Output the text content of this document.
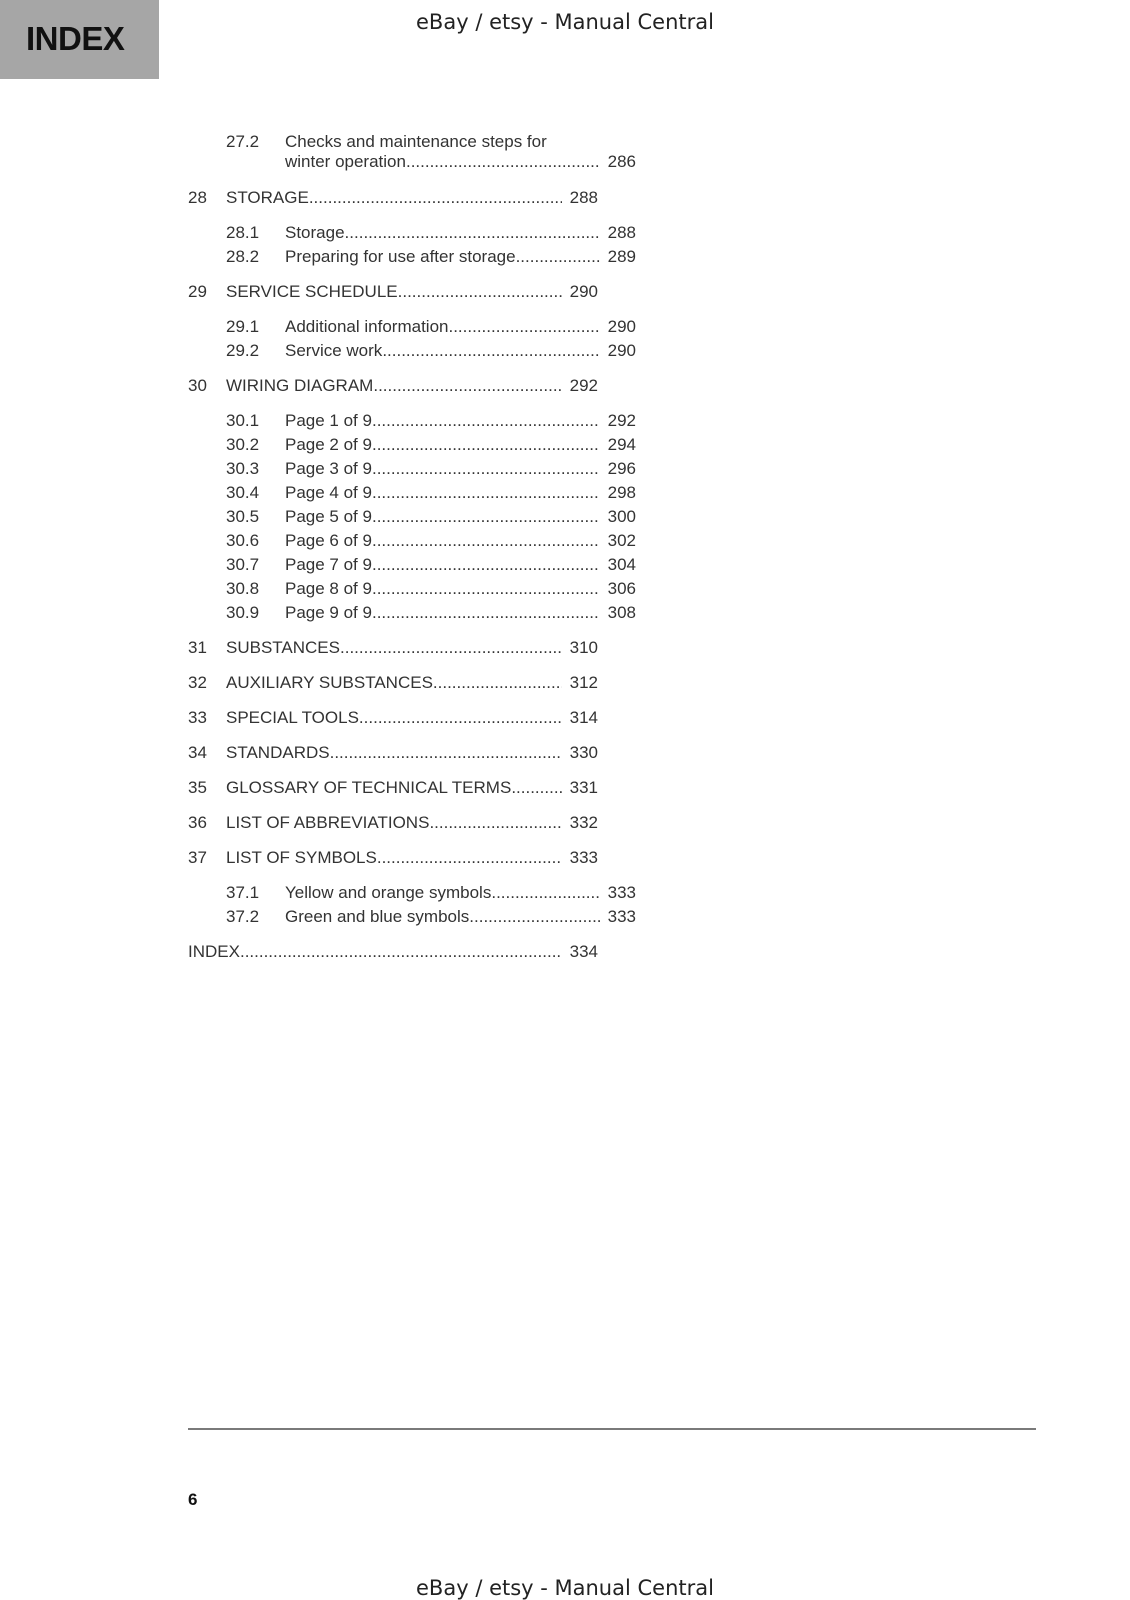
INDEX	eBay / etsy - Manual Central
27.2	Checks and maintenance steps for
winter operation .....	286
28	STORAGE .....	288
28.1	Storage .....	288
28.2	Preparing for use after storage .....	289
29	SERVICE SCHEDULE .....	290
29.1	Additional information .....	290
29.2	Service work .....	290
30	WIRING DIAGRAM .....	292
30.1	Page 1 of 9 .....	292
30.2	Page 2 of 9 .....	294
30.3	Page 3 of 9 .....	296
30.4	Page 4 of 9 .....	298
30.5	Page 5 of 9 .....	300
30.6	Page 6 of 9 .....	302
30.7	Page 7 of 9 .....	304
30.8	Page 8 of 9 .....	306
30.9	Page 9 of 9 .....	308
31	SUBSTANCES .....	310
32	AUXILIARY SUBSTANCES .....	312
33	SPECIAL TOOLS .....	314
34	STANDARDS .....	330
35	GLOSSARY OF TECHNICAL TERMS .....	331
36	LIST OF ABBREVIATIONS .....	332
37	LIST OF SYMBOLS .....	333
37.1	Yellow and orange symbols .....	333
37.2	Green and blue symbols .....	333
INDEX .....	334
6
eBay / etsy - Manual Central
